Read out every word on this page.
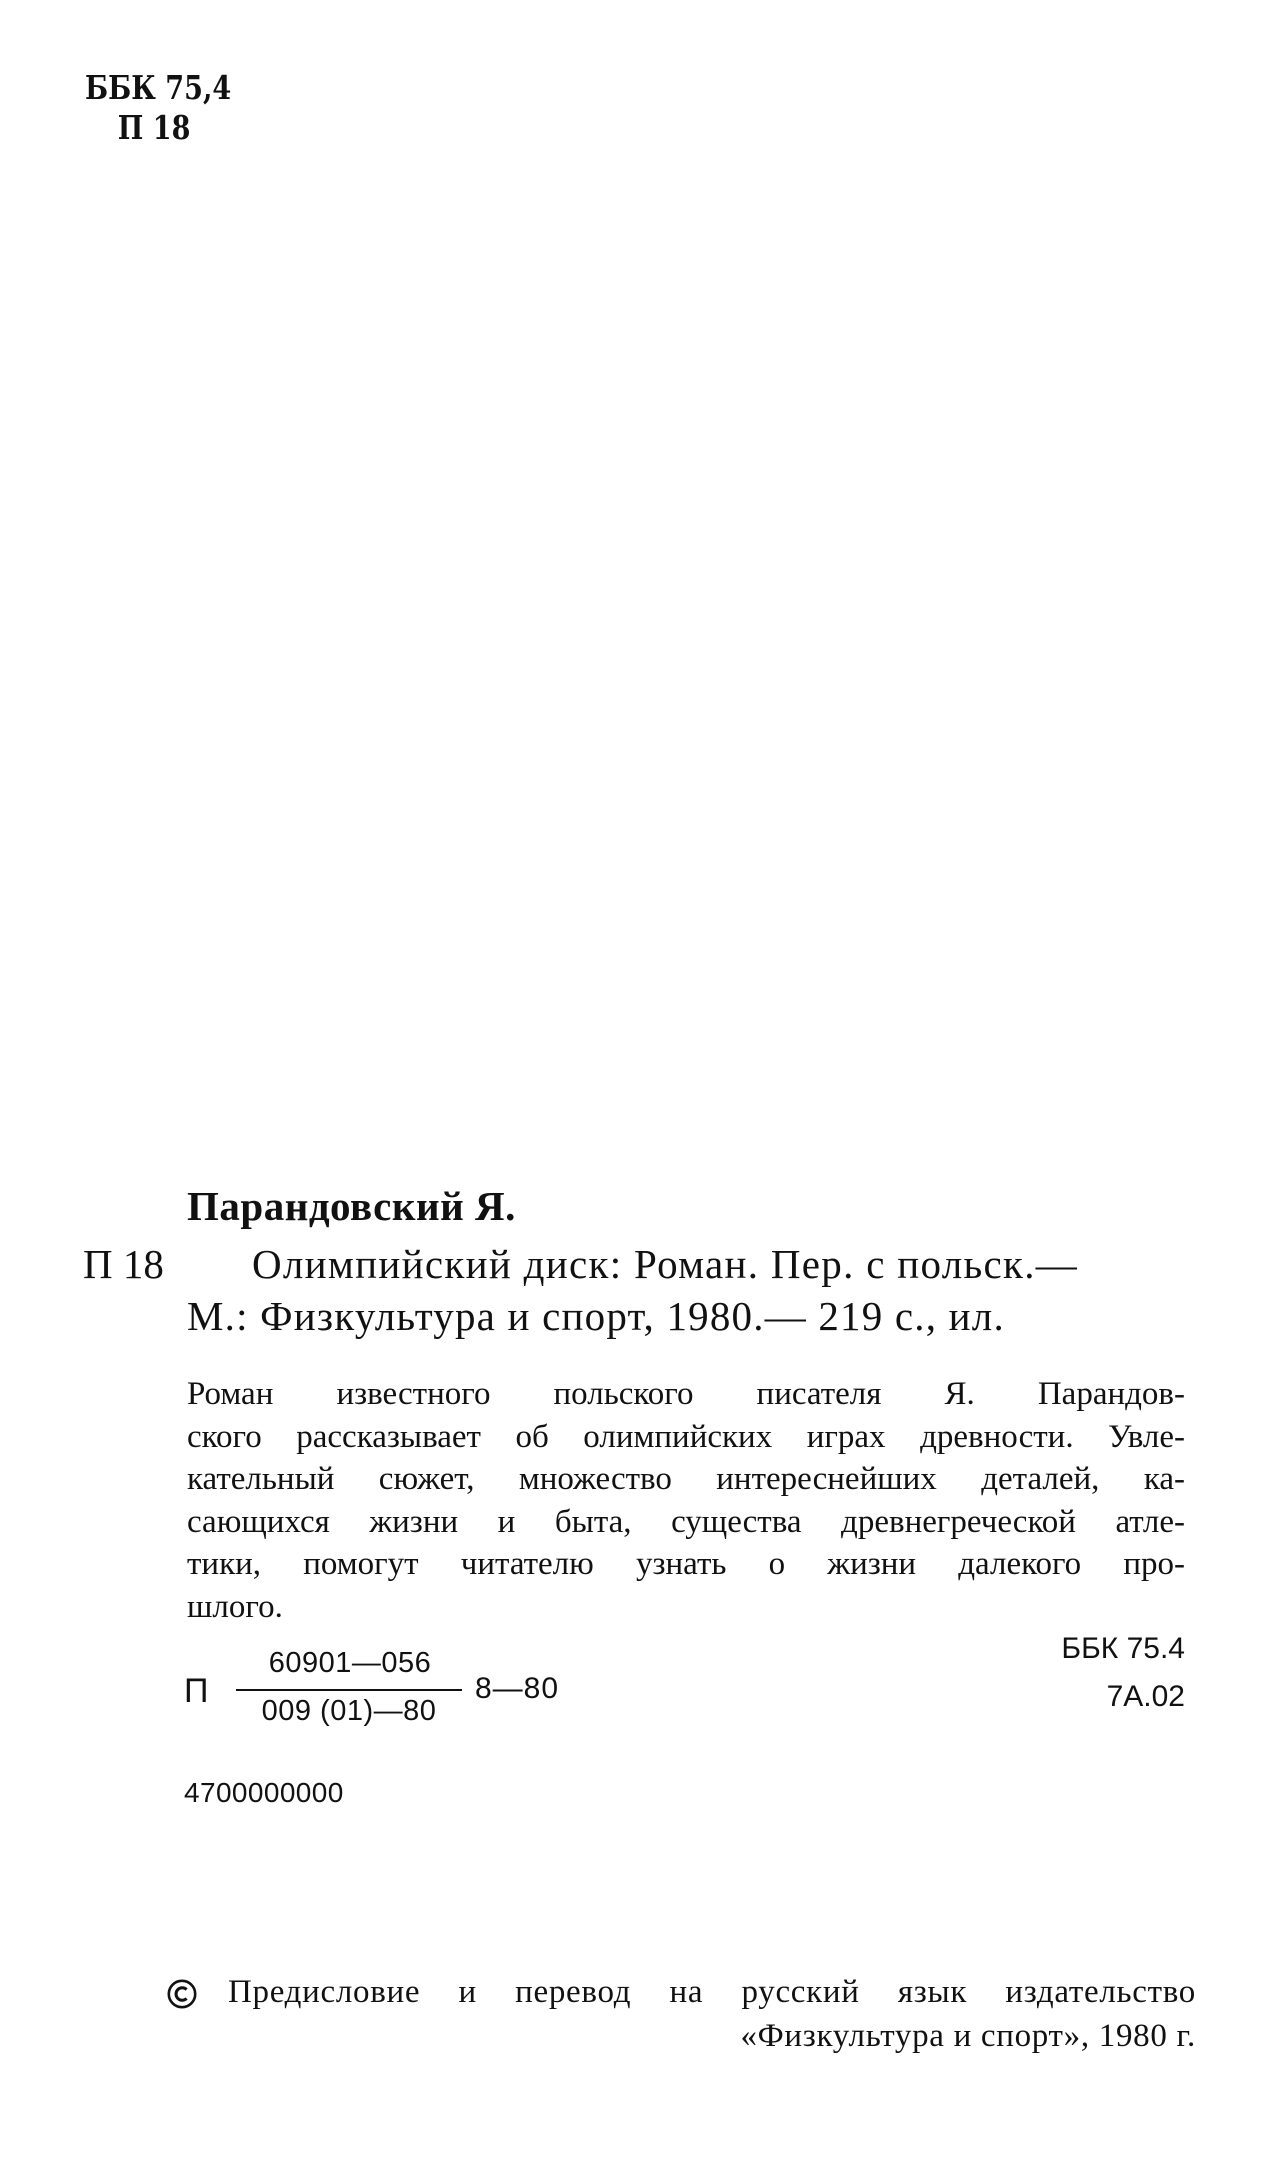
ББК 75,4
П 18
Парандовский Я.
П 18 Олимпийский диск: Роман. Пер. с польск.—
М.: Физкультура и спорт, 1980.— 219 с., ил.
Роман известного польского писателя Я. Парандов-
ского рассказывает об олимпийских играх древности. Увле-
кательный сюжет, множество интереснейших деталей, ка-
сающихся жизни и быта, существа древнегреческой атле-
тики, помогут читателю узнать о жизни далекого про-
шлого.
ББК 75.4
7А.02
П
60901—056
009 (01)—80
8—80
4700000000
Предисловие и перевод на русский язык издательство
«Физкультура и спорт», 1980 г.
